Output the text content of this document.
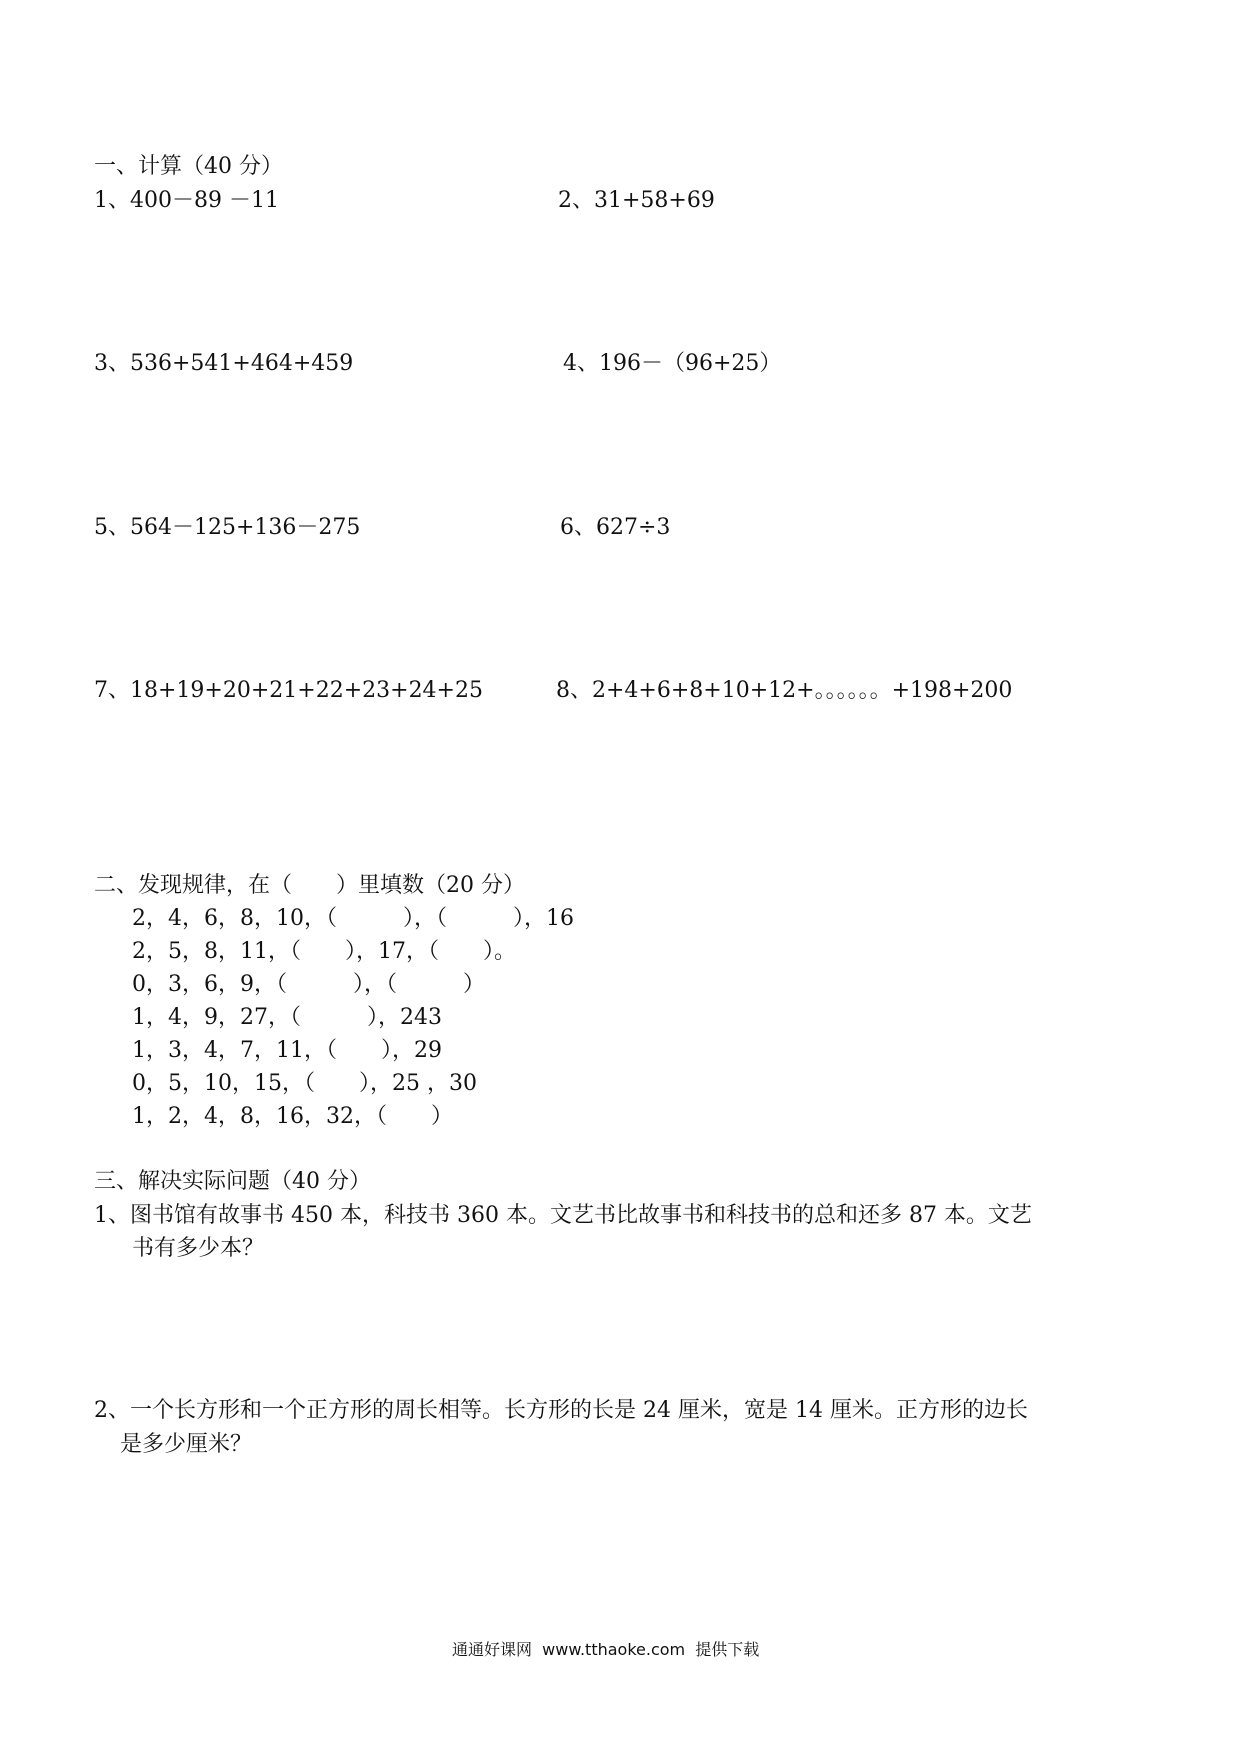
一、计算（40 分）
1、400－89 －11	2、31+58+69
3、536+541+464+459	4、196－（96+25）
5、564－125+136－275	6、627÷3
7、18+19+20+21+22+23+24+25	8、2+4+6+8+10+12+。。。。。。+198+200
二、发现规律，在（　　）里填数（20 分）
2，4，6，8，10，（　　　），（　　　），16
2，5，8，11，（　　），17，（　　）。
0，3，6，9，（　　　），（　　　）
1，4，9，27，（　　　），243
1，3，4，7，11，（　　），29
0，5，10，15，（　　），25 ，30
1，2，4，8，16，32，（　　）
三、解决实际问题（40 分）
1、图书馆有故事书 450 本，科技书 360 本。文艺书比故事书和科技书的总和还多 87 本。文艺
书有多少本？
2、一个长方形和一个正方形的周长相等。长方形的长是 24 厘米，宽是 14 厘米。正方形的边长
是多少厘米？
通通好课网  www.tthaoke.com  提供下载
